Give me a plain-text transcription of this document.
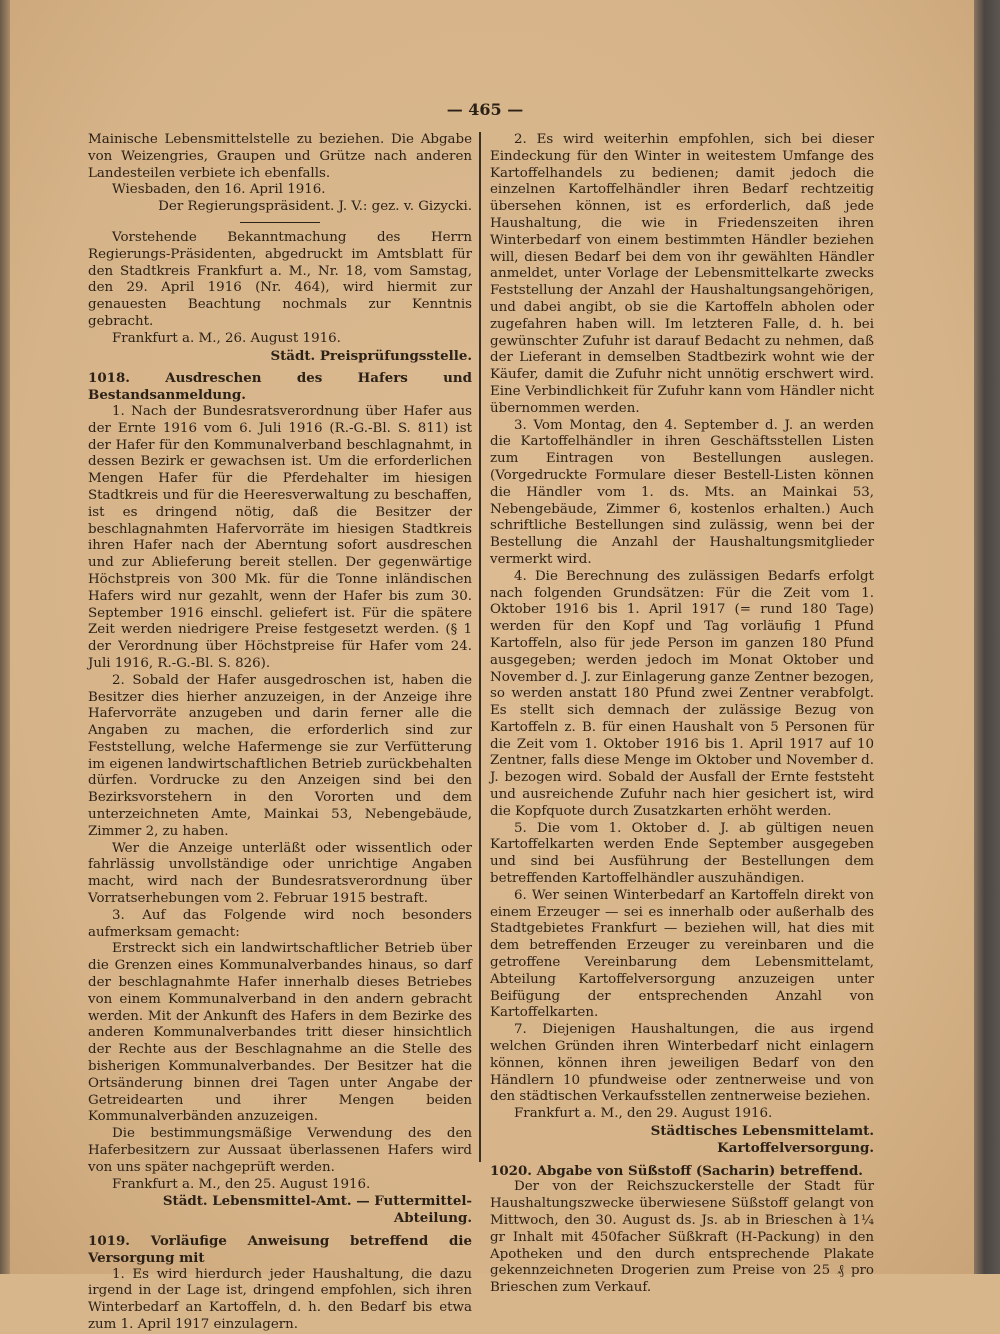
— 465 —

Mainische Lebensmittelstelle zu beziehen. Die Abgabe von Weizengries, Graupen und Grütze nach anderen Landesteilen verbiete ich ebenfalls.

Wiesbaden, den 16. April 1916.

Der Regierungspräsident. J. V.: gez. v. Gizycki.

Vorstehende Bekanntmachung des Herrn Regierungs-Präsidenten, abgedruckt im Amtsblatt für den Stadtkreis Frankfurt a. M., Nr. 18, vom Samstag, den 29. April 1916 (Nr. 464), wird hiermit zur genauesten Beachtung nochmals zur Kenntnis gebracht.

Frankfurt a. M., 26. August 1916.

Städt. Preisprüfungsstelle.

1018. Ausdreschen des Hafers und Bestandsanmeldung.

1. Nach der Bundesratsverordnung über Hafer aus der Ernte 1916 vom 6. Juli 1916 (R.-G.-Bl. S. 811) ist der Hafer für den Kommunalverband beschlagnahmt, in dessen Bezirk er gewachsen ist. Um die erforderlichen Mengen Hafer für die Pferdehalter im hiesigen Stadtkreis und für die Heeresverwaltung zu beschaffen, ist es dringend nötig, daß die Besitzer der beschlagnahmten Hafervorräte im hiesigen Stadtkreis ihren Hafer nach der Aberntung sofort ausdreschen und zur Ablieferung bereit stellen. Der gegenwärtige Höchstpreis von 300 Mk. für die Tonne inländischen Hafers wird nur gezahlt, wenn der Hafer bis zum 30. September 1916 einschl. geliefert ist. Für die spätere Zeit werden niedrigere Preise festgesetzt werden. (§ 1 der Verordnung über Höchstpreise für Hafer vom 24. Juli 1916, R.-G.-Bl. S. 826).

2. Sobald der Hafer ausgedroschen ist, haben die Besitzer dies hierher anzuzeigen, in der Anzeige ihre Hafervorräte anzugeben und darin ferner alle die Angaben zu machen, die erforderlich sind zur Feststellung, welche Hafermenge sie zur Verfütterung im eigenen landwirtschaftlichen Betrieb zurückbehalten dürfen. Vordrucke zu den Anzeigen sind bei den Bezirksvorstehern in den Vororten und dem unterzeichneten Amte, Mainkai 53, Nebengebäude, Zimmer 2, zu haben.

Wer die Anzeige unterläßt oder wissentlich oder fahrlässig unvollständige oder unrichtige Angaben macht, wird nach der Bundesratsverordnung über Vorratserhebungen vom 2. Februar 1915 bestraft.

3. Auf das Folgende wird noch besonders aufmerksam gemacht:

Erstreckt sich ein landwirtschaftlicher Betrieb über die Grenzen eines Kommunalverbandes hinaus, so darf der beschlagnahmte Hafer innerhalb dieses Betriebes von einem Kommunalverband in den andern gebracht werden. Mit der Ankunft des Hafers in dem Bezirke des anderen Kommunalverbandes tritt dieser hinsichtlich der Rechte aus der Beschlagnahme an die Stelle des bisherigen Kommunalverbandes. Der Besitzer hat die Ortsänderung binnen drei Tagen unter Angabe der Getreidearten und ihrer Mengen beiden Kommunalverbänden anzuzeigen.

Die bestimmungsmäßige Verwendung des den Haferbesitzern zur Aussaat überlassenen Hafers wird von uns später nachgeprüft werden.

Frankfurt a. M., den 25. August 1916.

Städt. Lebensmittel-Amt. — Futtermittel-Abteilung.

1019. Vorläufige Anweisung betreffend die Versorgung mit

1. Es wird hierdurch jeder Haushaltung, die dazu irgend in der Lage ist, dringend empfohlen, sich ihren Winterbedarf an Kartoffeln, d. h. den Bedarf bis etwa zum 1. April 1917 einzulagern.

2. Es wird weiterhin empfohlen, sich bei dieser Eindeckung für den Winter in weitestem Umfange des Kartoffelhandels zu bedienen; damit jedoch die einzelnen Kartoffelhändler ihren Bedarf rechtzeitig übersehen können, ist es erforderlich, daß jede Haushaltung, die wie in Friedenszeiten ihren Winterbedarf von einem bestimmten Händler beziehen will, diesen Bedarf bei dem von ihr gewählten Händler anmeldet, unter Vorlage der Lebensmittelkarte zwecks Feststellung der Anzahl der Haushaltungsangehörigen, und dabei angibt, ob sie die Kartoffeln abholen oder zugefahren haben will. Im letzteren Falle, d. h. bei gewünschter Zufuhr ist darauf Bedacht zu nehmen, daß der Lieferant in demselben Stadtbezirk wohnt wie der Käufer, damit die Zufuhr nicht unnötig erschwert wird. Eine Verbindlichkeit für Zufuhr kann vom Händler nicht übernommen werden.

3. Vom Montag, den 4. September d. J. an werden die Kartoffelhändler in ihren Geschäftsstellen Listen zum Eintragen von Bestellungen auslegen. (Vorgedruckte Formulare dieser Bestell-Listen können die Händler vom 1. ds. Mts. an Mainkai 53, Nebengebäude, Zimmer 6, kostenlos erhalten.) Auch schriftliche Bestellungen sind zulässig, wenn bei der Bestellung die Anzahl der Haushaltungsmitglieder vermerkt wird.

4. Die Berechnung des zulässigen Bedarfs erfolgt nach folgenden Grundsätzen: Für die Zeit vom 1. Oktober 1916 bis 1. April 1917 (= rund 180 Tage) werden für den Kopf und Tag vorläufig 1 Pfund Kartoffeln, also für jede Person im ganzen 180 Pfund ausgegeben; werden jedoch im Monat Oktober und November d. J. zur Einlagerung ganze Zentner bezogen, so werden anstatt 180 Pfund zwei Zentner verabfolgt. Es stellt sich demnach der zulässige Bezug von Kartoffeln z. B. für einen Haushalt von 5 Personen für die Zeit vom 1. Oktober 1916 bis 1. April 1917 auf 10 Zentner, falls diese Menge im Oktober und November d. J. bezogen wird. Sobald der Ausfall der Ernte feststeht und ausreichende Zufuhr nach hier gesichert ist, wird die Kopfquote durch Zusatzkarten erhöht werden.

5. Die vom 1. Oktober d. J. ab gültigen neuen Kartoffelkarten werden Ende September ausgegeben und sind bei Ausführung der Bestellungen dem betreffenden Kartoffelhändler auszuhändigen.

6. Wer seinen Winterbedarf an Kartoffeln direkt von einem Erzeuger — sei es innerhalb oder außerhalb des Stadtgebietes Frankfurt — beziehen will, hat dies mit dem betreffenden Erzeuger zu vereinbaren und die getroffene Vereinbarung dem Lebensmittelamt, Abteilung Kartoffelversorgung anzuzeigen unter Beifügung der entsprechenden Anzahl von Kartoffelkarten.

7. Diejenigen Haushaltungen, die aus irgend welchen Gründen ihren Winterbedarf nicht einlagern können, können ihren jeweiligen Bedarf von den Händlern 10 pfundweise oder zentnerweise und von den städtischen Verkaufsstellen zentnerweise beziehen.

Frankfurt a. M., den 29. August 1916.

Städtisches Lebensmittelamt. Kartoffelversorgung.

1020. Abgabe von Süßstoff (Sacharin) betreffend.

Der von der Reichszuckerstelle der Stadt für Haushaltungszwecke überwiesene Süßstoff gelangt von Mittwoch, den 30. August ds. Js. ab in Brieschen à 1¼ gr Inhalt mit 450facher Süßkraft (H-Packung) in den Apotheken und den durch entsprechende Plakate gekennzeichneten Drogerien zum Preise von 25 ₰ pro Brieschen zum Verkauf.
